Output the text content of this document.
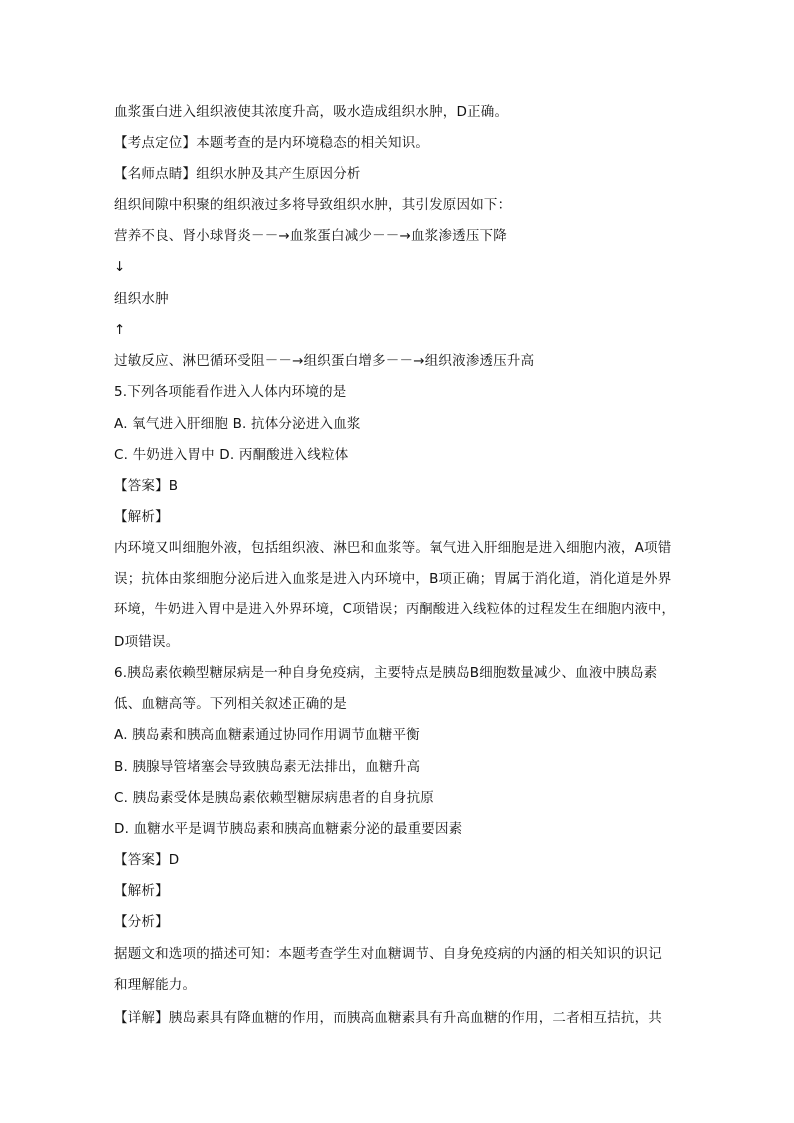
血浆蛋白进入组织液使其浓度升高，吸水造成组织水肿，D正确。
【考点定位】本题考查的是内环境稳态的相关知识。
【名师点睛】组织水肿及其产生原因分析
组织间隙中积聚的组织液过多将导致组织水肿，其引发原因如下：
营养不良、肾小球肾炎－－→血浆蛋白减少－－→血浆渗透压下降
↓
组织水肿
↑
过敏反应、淋巴循环受阻－－→组织蛋白增多－－→组织液渗透压升高
5.下列各项能看作进入人体内环境的是
A. 氧气进入肝细胞 B. 抗体分泌进入血浆
C. 牛奶进入胃中 D. 丙酮酸进入线粒体
【答案】B
【解析】
内环境又叫细胞外液，包括组织液、淋巴和血浆等。氧气进入肝细胞是进入细胞内液，A项错
误；抗体由浆细胞分泌后进入血浆是进入内环境中，B项正确；胃属于消化道，消化道是外界
环境，牛奶进入胃中是进入外界环境，C项错误；丙酮酸进入线粒体的过程发生在细胞内液中，
D项错误。
6.胰岛素依赖型糖尿病是一种自身免疫病，主要特点是胰岛B细胞数量减少、血液中胰岛素
低、血糖高等。下列相关叙述正确的是
A. 胰岛素和胰高血糖素通过协同作用调节血糖平衡
B. 胰腺导管堵塞会导致胰岛素无法排出，血糖升高
C. 胰岛素受体是胰岛素依赖型糖尿病患者的自身抗原
D. 血糖水平是调节胰岛素和胰高血糖素分泌的最重要因素
【答案】D
【解析】
【分析】
据题文和选项的描述可知：本题考查学生对血糖调节、自身免疫病的内涵的相关知识的识记
和理解能力。
【详解】胰岛素具有降血糖的作用，而胰高血糖素具有升高血糖的作用，二者相互拮抗，共
